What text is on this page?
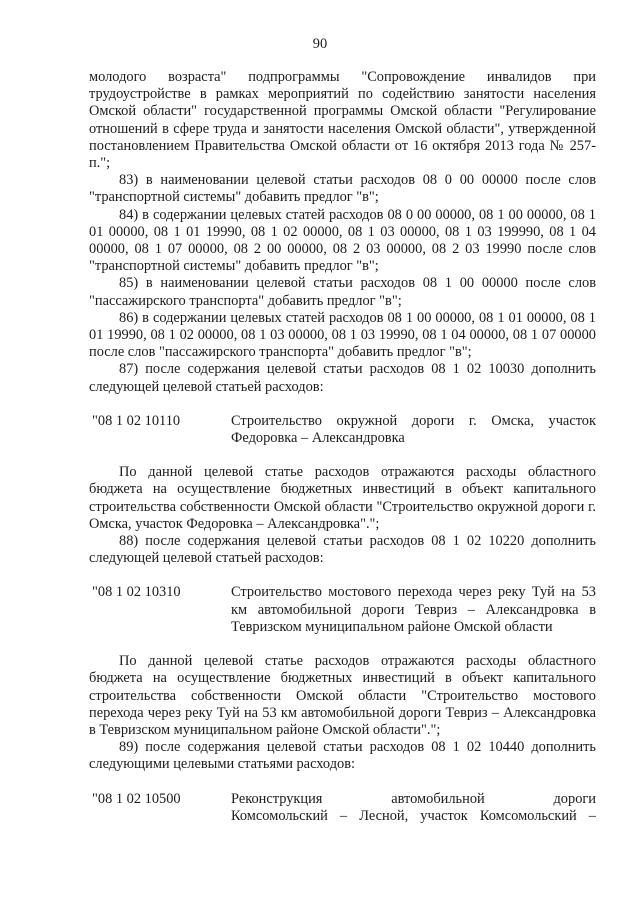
90

молодого возраста" подпрограммы "Сопровождение инвалидов при трудоустройстве в рамках мероприятий по содействию занятости населения Омской области" государственной программы Омской области "Регулирование отношений в сфере труда и занятости населения Омской области", утвержденной постановлением Правительства Омской области от 16 октября 2013 года № 257-п.";

83) в наименовании целевой статьи расходов 08 0 00 00000 после слов "транспортной системы" добавить предлог "в";

84) в содержании целевых статей расходов 08 0 00 00000, 08 1 00 00000, 08 1 01 00000, 08 1 01 19990, 08 1 02 00000, 08 1 03 00000, 08 1 03 199990, 08 1 04 00000, 08 1 07 00000, 08 2 00 00000, 08 2 03 00000, 08 2 03 19990 после слов "транспортной системы" добавить предлог "в";

85) в наименовании целевой статьи расходов 08 1 00 00000 после слов "пассажирского транспорта" добавить предлог "в";

86) в содержании целевых статей расходов 08 1 00 00000, 08 1 01 00000, 08 1 01 19990, 08 1 02 00000, 08 1 03 00000, 08 1 03 19990, 08 1 04 00000, 08 1 07 00000 после слов "пассажирского транспорта" добавить предлог "в";

87) после содержания целевой статьи расходов 08 1 02 10030 дополнить следующей целевой статьей расходов:

"08 1 02 10110	Строительство окружной дороги г. Омска, участок
Федоровка – Александровка

По данной целевой статье расходов отражаются расходы областного бюджета на осуществление бюджетных инвестиций в объект капитального строительства собственности Омской области "Строительство окружной дороги г. Омска, участок Федоровка – Александровка".";

88) после содержания целевой статьи расходов 08 1 02 10220 дополнить следующей целевой статьей расходов:

"08 1 02 10310	Строительство мостового перехода через реку Туй на 53 км автомобильной дороги Тевриз – Александровка в
Тевризском муниципальном районе Омской области

По данной целевой статье расходов отражаются расходы областного бюджета на осуществление бюджетных инвестиций в объект капитального строительства собственности Омской области "Строительство мостового перехода через реку Туй на 53 км автомобильной дороги Тевриз – Александровка в Тевризском муниципальном районе Омской области".";

89) после содержания целевой статьи расходов 08 1 02 10440 дополнить следующими целевыми статьями расходов:

"08 1 02 10500	Реконструкция автомобильной дороги
Комсомольский – Лесной, участок Комсомольский –
